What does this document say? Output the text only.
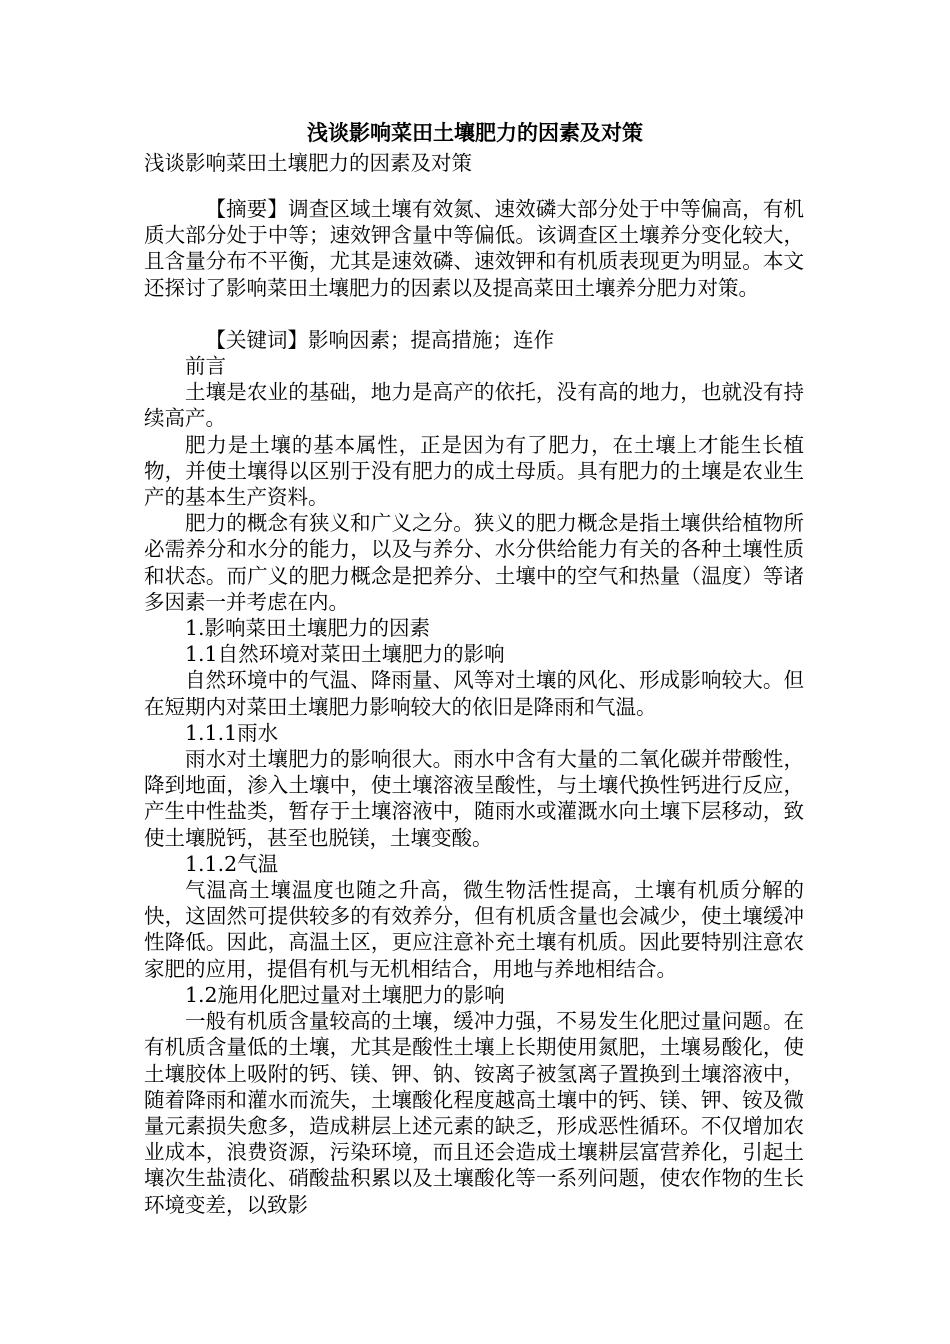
浅谈影响菜田土壤肥力的因素及对策
浅谈影响菜田土壤肥力的因素及对策

【摘要】调查区域土壤有效氮、速效磷大部分处于中等偏高，有机质大部分处于中等；速效钾含量中等偏低。该调查区土壤养分变化较大，且含量分布不平衡，尤其是速效磷、速效钾和有机质表现更为明显。本文还探讨了影响菜田土壤肥力的因素以及提高菜田土壤养分肥力对策。

【关键词】影响因素；提高措施；连作

前言

土壤是农业的基础，地力是高产的依托，没有高的地力，也就没有持续高产。

肥力是土壤的基本属性，正是因为有了肥力，在土壤上才能生长植物，并使土壤得以区别于没有肥力的成土母质。具有肥力的土壤是农业生产的基本生产资料。

肥力的概念有狭义和广义之分。狭义的肥力概念是指土壤供给植物所必需养分和水分的能力，以及与养分、水分供给能力有关的各种土壤性质和状态。而广义的肥力概念是把养分、土壤中的空气和热量（温度）等诸多因素一并考虑在内。

1.影响菜田土壤肥力的因素

1.1自然环境对菜田土壤肥力的影响

自然环境中的气温、降雨量、风等对土壤的风化、形成影响较大。但在短期内对菜田土壤肥力影响较大的依旧是降雨和气温。

1.1.1雨水

雨水对土壤肥力的影响很大。雨水中含有大量的二氧化碳并带酸性，降到地面，渗入土壤中，使土壤溶液呈酸性，与土壤代换性钙进行反应，产生中性盐类，暂存于土壤溶液中，随雨水或灌溉水向土壤下层移动，致使土壤脱钙，甚至也脱镁，土壤变酸。

1.1.2气温

气温高土壤温度也随之升高，微生物活性提高，土壤有机质分解的快，这固然可提供较多的有效养分，但有机质含量也会减少，使土壤缓冲性降低。因此，高温土区，更应注意补充土壤有机质。因此要特别注意农家肥的应用，提倡有机与无机相结合，用地与养地相结合。

1.2施用化肥过量对土壤肥力的影响

一般有机质含量较高的土壤，缓冲力强，不易发生化肥过量问题。在有机质含量低的土壤，尤其是酸性土壤上长期使用氮肥，土壤易酸化，使土壤胶体上吸附的钙、镁、钾、钠、铵离子被氢离子置换到土壤溶液中，随着降雨和灌水而流失，土壤酸化程度越高土壤中的钙、镁、钾、铵及微量元素损失愈多，造成耕层上述元素的缺乏，形成恶性循环。不仅增加农业成本，浪费资源，污染环境，而且还会造成土壤耕层富营养化，引起土壤次生盐渍化、硝酸盐积累以及土壤酸化等一系列问题，使农作物的生长环境变差，以致影
